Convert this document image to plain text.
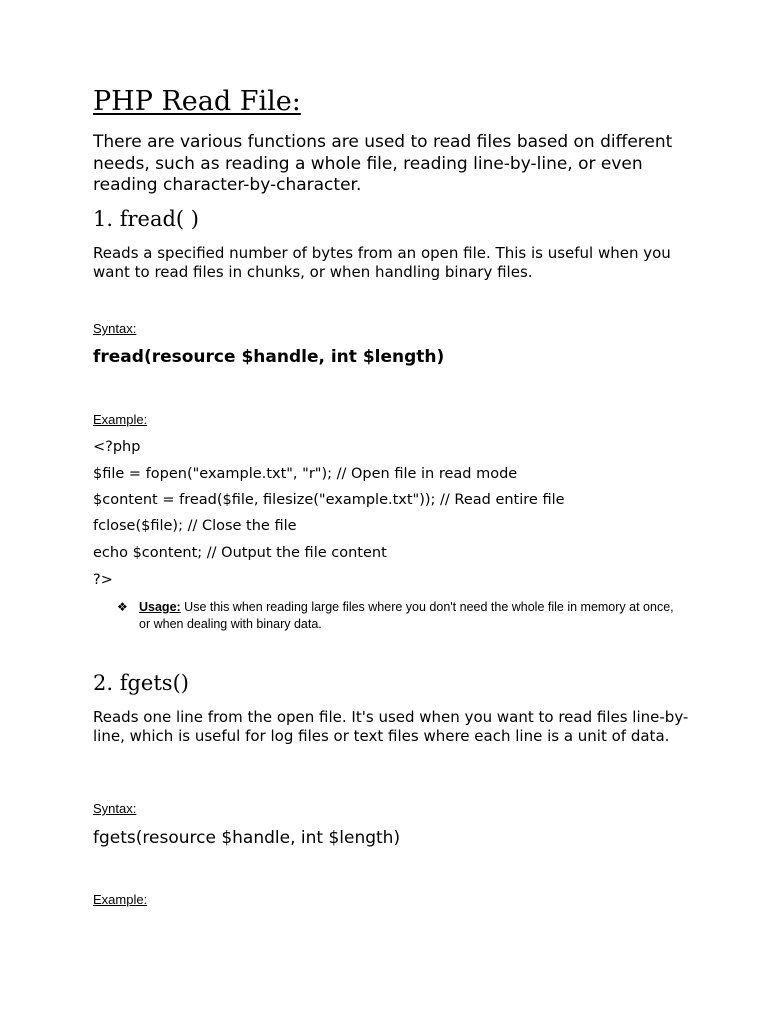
PHP Read File:

There are various functions are used to read files based on different needs, such as reading a whole file, reading line-by-line, or even reading character-by-character.

1. fread( )

Reads a specified number of bytes from an open file. This is useful when you want to read files in chunks, or when handling binary files.

Syntax:
fread(resource $handle, int $length)
Example:
<?php
$file = fopen("example.txt", "r"); // Open file in read mode
$content = fread($file, filesize("example.txt")); // Read entire file
fclose($file); // Close the file
echo $content; // Output the file content
?>
❖ Usage: Use this when reading large files where you don't need the whole file in memory at once, or when dealing with binary data.
2. fgets()

Reads one line from the open file. It's used when you want to read files line-by-line, which is useful for log files or text files where each line is a unit of data.

Syntax:
fgets(resource $handle, int $length)
Example:
